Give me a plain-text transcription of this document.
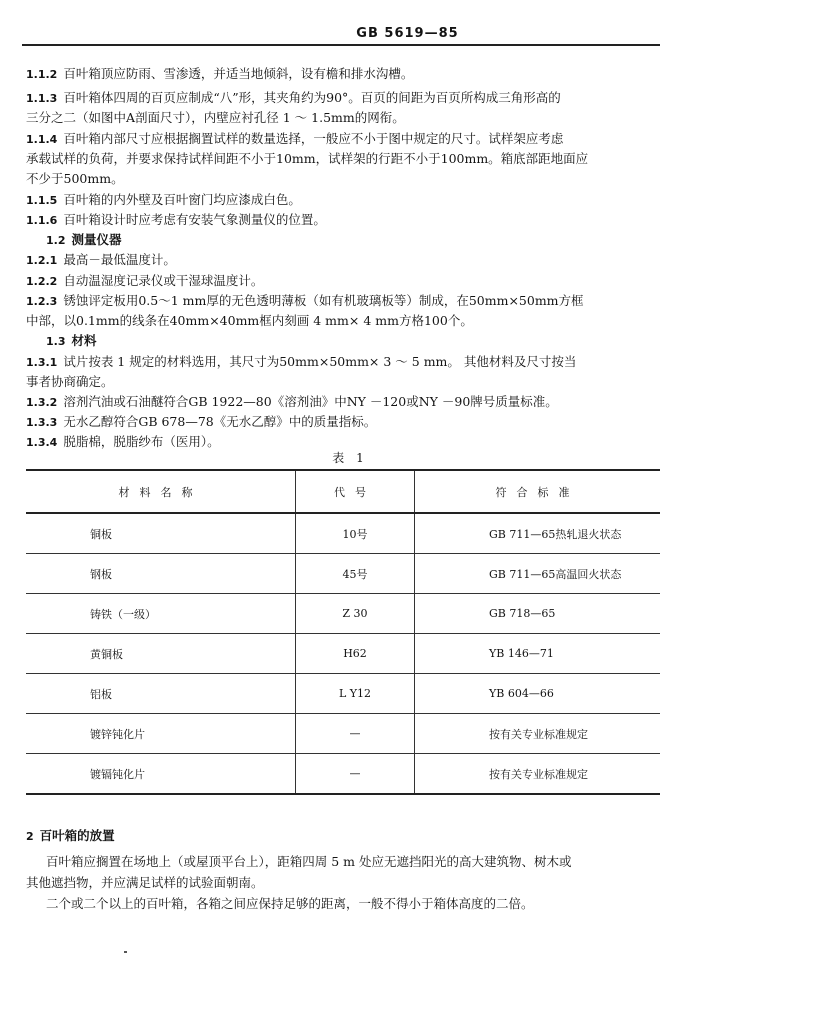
GB 5619—85
1.1.2 百叶箱顶应防雨、雪渗透，并适当地倾斜，设有檐和排水沟槽。
1.1.3 百叶箱体四周的百页应制成“八”形，其夹角约为90°。百页的间距为百页所构成三角形高的
三分之二（如图中A剖面尺寸），内壁应衬孔径 1 ～ 1.5mm的网衔。
1.1.4 百叶箱内部尺寸应根据搁置试样的数量选择，一般应不小于图中规定的尺寸。试样架应考虑
承载试样的负荷，并要求保持试样间距不小于10mm，试样架的行距不小于100mm。箱底部距地面应
不少于500mm。
1.1.5 百叶箱的内外壁及百叶窗门均应漆成白色。
1.1.6 百叶箱设计时应考虑有安装气象测量仪的位置。
1.2 测量仪器
1.2.1 最高－最低温度计。
1.2.2 自动温湿度记录仪或干湿球温度计。
1.2.3 锈蚀评定板用0.5～1 mm厚的无色透明薄板（如有机玻璃板等）制成，在50mm×50mm方框
中部，以0.1mm的线条在40mm×40mm框内刻画 4 mm× 4 mm方格100个。
1.3 材料
1.3.1 试片按表 1 规定的材料选用，其尺寸为50mm×50mm× 3 ～ 5 mm。 其他材料及尺寸按当
事者协商确定。
1.3.2 溶剂汽油或石油醚符合GB 1922—80《溶剂油》中NY －120或NY －90牌号质量标准。
1.3.3 无水乙醇符合GB 678—78《无水乙醇》中的质量指标。
1.3.4 脱脂棉，脱脂纱布（医用）。
表 1
材料名称	代号	符合标准
铜板	10号	GB 711—65热轧退火状态
钢板	45号	GB 711—65高温回火状态
铸铁（一级）	Z 30	GB 718—65
黄铜板	H62	YB 146—71
铝板	L Y12	YB 604—66
镀锌钝化片	—	按有关专业标准规定
镀镉钝化片	—	按有关专业标准规定
2 百叶箱的放置
百叶箱应搁置在场地上（或屋顶平台上），距箱四周 5 m 处应无遮挡阳光的高大建筑物、树木或
其他遮挡物，并应满足试样的试验面朝南。
二个或二个以上的百叶箱，各箱之间应保持足够的距离，一般不得小于箱体高度的二倍。
